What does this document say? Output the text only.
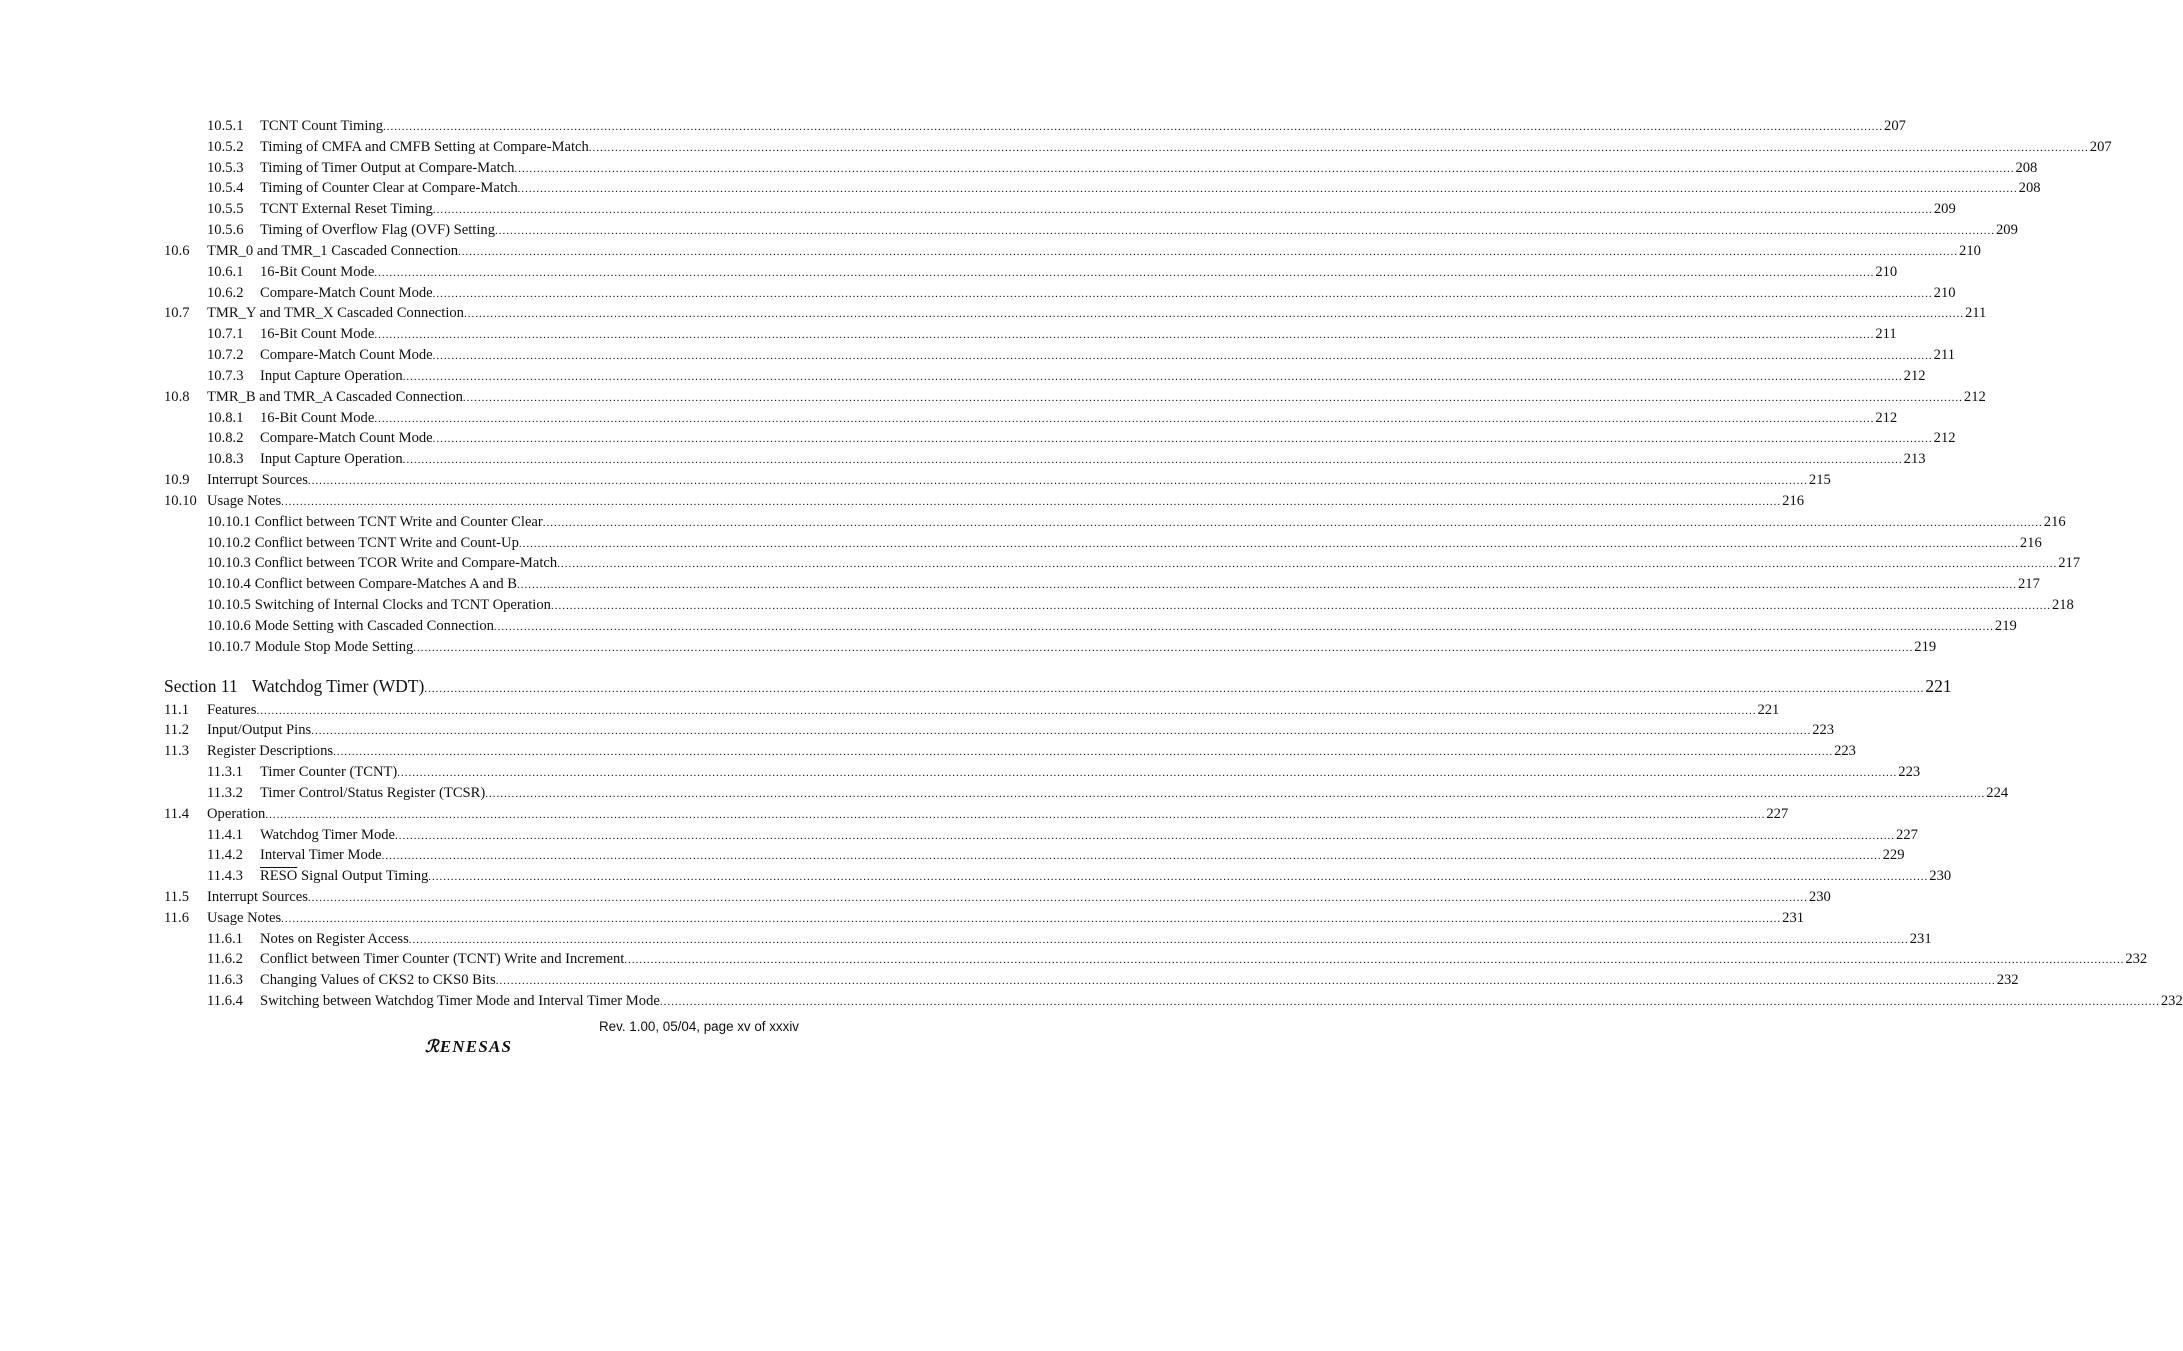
10.5.1 TCNT Count Timing ................................................................................................................................................................................................................................................................................................................................................................................................................ 207
10.5.2 Timing of CMFA and CMFB Setting at Compare-Match ................................................................................................................................................................................................................................................................................................................................................................................................................ 207
10.5.3 Timing of Timer Output at Compare-Match ................................................................................................................................................................................................................................................................................................................................................................................................................ 208
10.5.4 Timing of Counter Clear at Compare-Match ................................................................................................................................................................................................................................................................................................................................................................................................................ 208
10.5.5 TCNT External Reset Timing ................................................................................................................................................................................................................................................................................................................................................................................................................ 209
10.5.6 Timing of Overflow Flag (OVF) Setting ................................................................................................................................................................................................................................................................................................................................................................................................................ 209
10.6 TMR_0 and TMR_1 Cascaded Connection ................................................................................................................................................................................................................................................................................................................................................................................................................ 210
10.6.1 16-Bit Count Mode ................................................................................................................................................................................................................................................................................................................................................................................................................ 210
10.6.2 Compare-Match Count Mode ................................................................................................................................................................................................................................................................................................................................................................................................................ 210
10.7 TMR_Y and TMR_X Cascaded Connection ................................................................................................................................................................................................................................................................................................................................................................................................................ 211
10.7.1 16-Bit Count Mode ................................................................................................................................................................................................................................................................................................................................................................................................................ 211
10.7.2 Compare-Match Count Mode ................................................................................................................................................................................................................................................................................................................................................................................................................ 211
10.7.3 Input Capture Operation ................................................................................................................................................................................................................................................................................................................................................................................................................ 212
10.8 TMR_B and TMR_A Cascaded Connection ................................................................................................................................................................................................................................................................................................................................................................................................................ 212
10.8.1 16-Bit Count Mode ................................................................................................................................................................................................................................................................................................................................................................................................................ 212
10.8.2 Compare-Match Count Mode ................................................................................................................................................................................................................................................................................................................................................................................................................ 212
10.8.3 Input Capture Operation ................................................................................................................................................................................................................................................................................................................................................................................................................ 213
10.9 Interrupt Sources ................................................................................................................................................................................................................................................................................................................................................................................................................ 215
10.10 Usage Notes ................................................................................................................................................................................................................................................................................................................................................................................................................ 216
10.10.1 Conflict between TCNT Write and Counter Clear ................................................................................................................................................................................................................................................................................................................................................................................................................ 216
10.10.2 Conflict between TCNT Write and Count-Up ................................................................................................................................................................................................................................................................................................................................................................................................................ 216
10.10.3 Conflict between TCOR Write and Compare-Match ................................................................................................................................................................................................................................................................................................................................................................................................................ 217
10.10.4 Conflict between Compare-Matches A and B ................................................................................................................................................................................................................................................................................................................................................................................................................ 217
10.10.5 Switching of Internal Clocks and TCNT Operation ................................................................................................................................................................................................................................................................................................................................................................................................................ 218
10.10.6 Mode Setting with Cascaded Connection ................................................................................................................................................................................................................................................................................................................................................................................................................ 219
10.10.7 Module Stop Mode Setting ................................................................................................................................................................................................................................................................................................................................................................................................................ 219
Section 11 Watchdog Timer (WDT) ................................................................................................................................................................................................................................................................................................................................................................................................................ 221
11.1 Features ................................................................................................................................................................................................................................................................................................................................................................................................................ 221
11.2 Input/Output Pins ................................................................................................................................................................................................................................................................................................................................................................................................................ 223
11.3 Register Descriptions ................................................................................................................................................................................................................................................................................................................................................................................................................ 223
11.3.1 Timer Counter (TCNT) ................................................................................................................................................................................................................................................................................................................................................................................................................ 223
11.3.2 Timer Control/Status Register (TCSR) ................................................................................................................................................................................................................................................................................................................................................................................................................ 224
11.4 Operation ................................................................................................................................................................................................................................................................................................................................................................................................................ 227
11.4.1 Watchdog Timer Mode ................................................................................................................................................................................................................................................................................................................................................................................................................ 227
11.4.2 Interval Timer Mode ................................................................................................................................................................................................................................................................................................................................................................................................................ 229
11.4.3 RESO Signal Output Timing ................................................................................................................................................................................................................................................................................................................................................................................................................ 230
11.5 Interrupt Sources ................................................................................................................................................................................................................................................................................................................................................................................................................ 230
11.6 Usage Notes ................................................................................................................................................................................................................................................................................................................................................................................................................ 231
11.6.1 Notes on Register Access ................................................................................................................................................................................................................................................................................................................................................................................................................ 231
11.6.2 Conflict between Timer Counter (TCNT) Write and Increment ................................................................................................................................................................................................................................................................................................................................................................................................................ 232
11.6.3 Changing Values of CKS2 to CKS0 Bits ................................................................................................................................................................................................................................................................................................................................................................................................................ 232
11.6.4 Switching between Watchdog Timer Mode and Interval Timer Mode ................................................................................................................................................................................................................................................................................................................................................................................................................ 232
Rev. 1.00, 05/04, page xv of xxxiv
ℛENESAS
